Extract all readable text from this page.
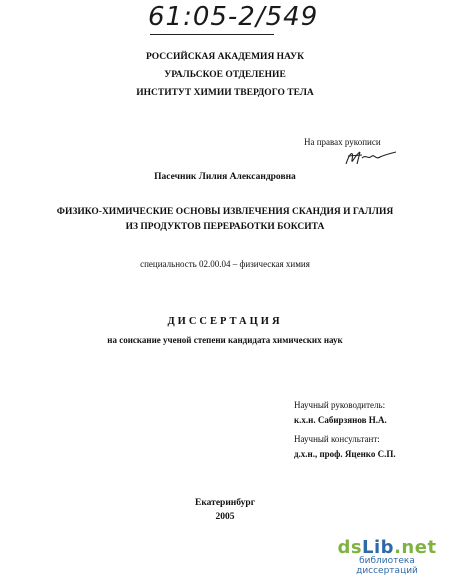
61:05-2/549
РОССИЙСКАЯ АКАДЕМИЯ НАУК
УРАЛЬСКОЕ ОТДЕЛЕНИЕ
ИНСТИТУТ ХИМИИ ТВЕРДОГО ТЕЛА
На правах рукописи
Пасечник Лилия Александровна
ФИЗИКО-ХИМИЧЕСКИЕ ОСНОВЫ ИЗВЛЕЧЕНИЯ СКАНДИЯ И ГАЛЛИЯ
ИЗ ПРОДУКТОВ ПЕРЕРАБОТКИ БОКСИТА
специальность 02.00.04 – физическая химия
ДИССЕРТАЦИЯ
на соискание ученой степени кандидата химических наук
Научный руководитель:
к.х.н. Сабирзянов Н.А.
Научный консультант:
д.х.н., проф. Яценко С.П.
Екатеринбург
2005
dsLib.net
библиотека диссертаций
